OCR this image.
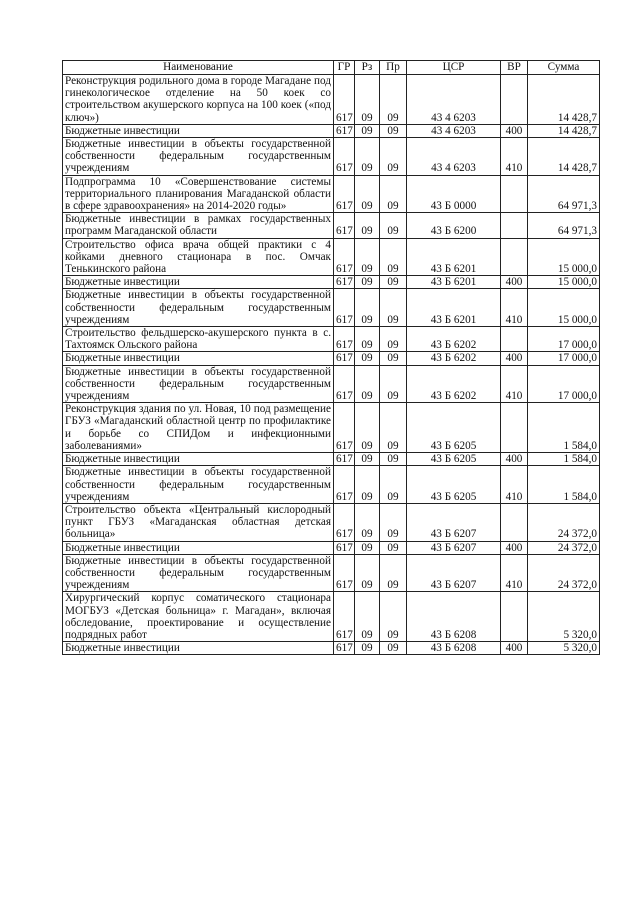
Наименование	ГР	Рз	Пр	ЦСР	ВР	Сумма
Реконструкция родильного дома в городе Магадане под гинекологическое отделение на 50 коек со строительством акушерского корпуса на 100 коек («под ключ»)	617	09	09	43 4 6203		14 428,7
Бюджетные инвестиции	617	09	09	43 4 6203	400	14 428,7
Бюджетные инвестиции в объекты государственной собственности федеральным государственным учреждениям	617	09	09	43 4 6203	410	14 428,7
Подпрограмма 10 «Совершенствование системы территориального планирования Магаданской области в сфере здравоохранения» на 2014-2020 годы»	617	09	09	43 Б 0000		64 971,3
Бюджетные инвестиции в рамках государственных программ Магаданской области	617	09	09	43 Б 6200		64 971,3
Строительство офиса врача общей практики с 4 койками дневного стационара в пос. Омчак Тенькинского района	617	09	09	43 Б 6201		15 000,0
Бюджетные инвестиции	617	09	09	43 Б 6201	400	15 000,0
Бюджетные инвестиции в объекты государственной собственности федеральным государственным учреждениям	617	09	09	43 Б 6201	410	15 000,0
Строительство фельдшерско-акушерского пункта в с. Тахтоямск Ольского района	617	09	09	43 Б 6202		17 000,0
Бюджетные инвестиции	617	09	09	43 Б 6202	400	17 000,0
Бюджетные инвестиции в объекты государственной собственности федеральным государственным учреждениям	617	09	09	43 Б 6202	410	17 000,0
Реконструкция здания по ул. Новая, 10 под размещение ГБУЗ «Магаданский областной центр по профилактике и борьбе со СПИДом и инфекционными заболеваниями»	617	09	09	43 Б 6205		1 584,0
Бюджетные инвестиции	617	09	09	43 Б 6205	400	1 584,0
Бюджетные инвестиции в объекты государственной собственности федеральным государственным учреждениям	617	09	09	43 Б 6205	410	1 584,0
Строительство объекта «Центральный кислородный пункт ГБУЗ «Магаданская областная детская больница»	617	09	09	43 Б 6207		24 372,0
Бюджетные инвестиции	617	09	09	43 Б 6207	400	24 372,0
Бюджетные инвестиции в объекты государственной собственности федеральным государственным учреждениям	617	09	09	43 Б 6207	410	24 372,0
Хирургический корпус соматического стационара МОГБУЗ «Детская больница» г. Магадан», включая обследование, проектирование и осуществление подрядных работ	617	09	09	43 Б 6208		5 320,0
Бюджетные инвестиции	617	09	09	43 Б 6208	400	5 320,0
